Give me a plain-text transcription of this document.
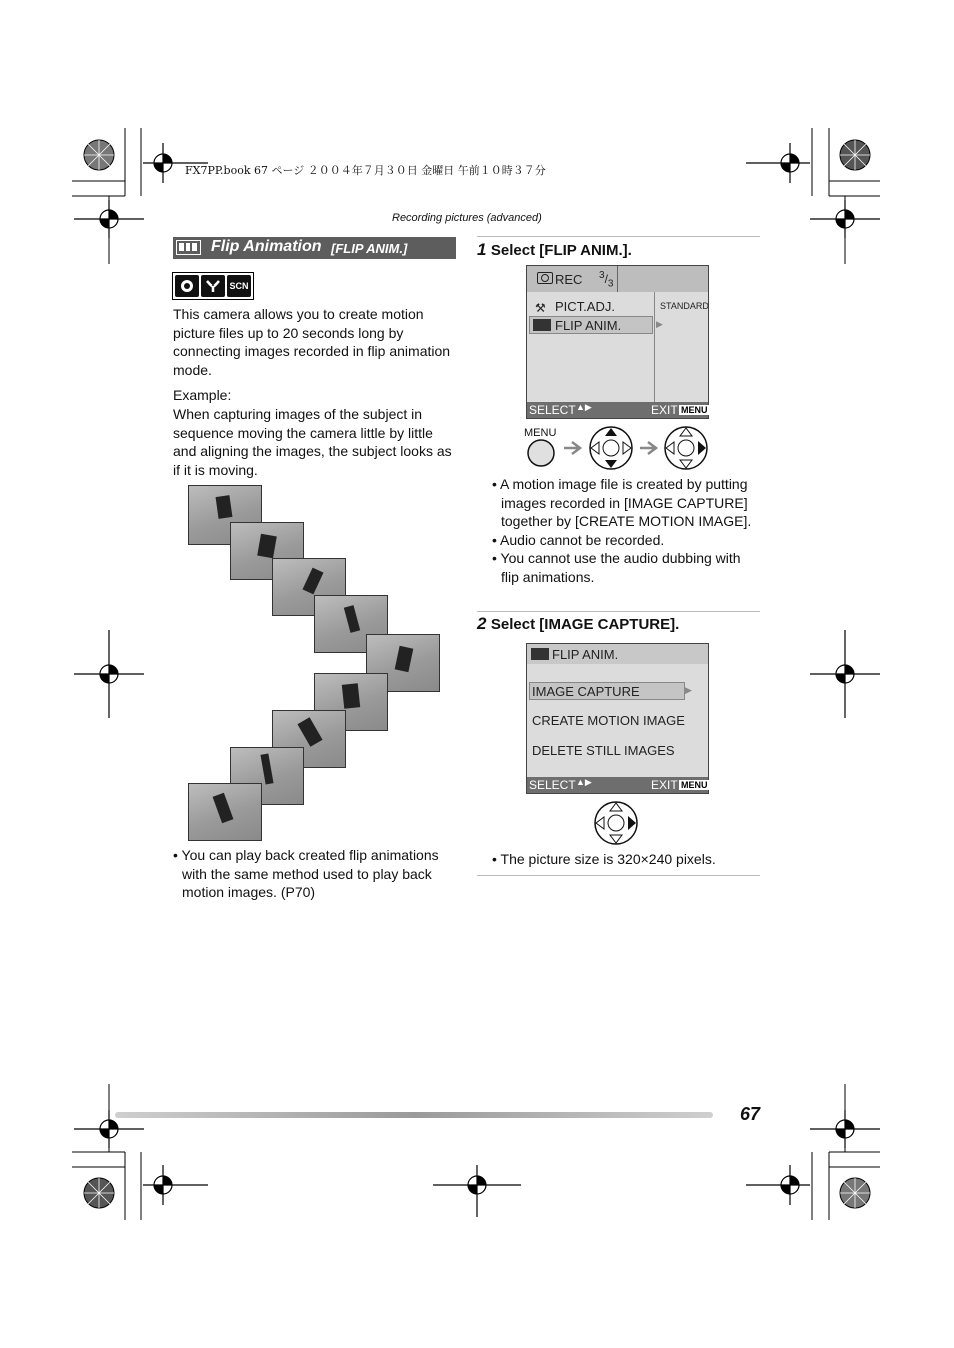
FX7PP.book 67 ページ ２００４年７月３０日 金曜日 午前１０時３７分
Recording pictures (advanced)
Flip Animation [FLIP ANIM.]
SCN
This camera allows you to create motion picture files up to 20 seconds long by connecting images recorded in flip animation mode.
Example:
When capturing images of the subject in sequence moving the camera little by little and aligning the images, the subject looks as if it is moving.
• You can play back created flip animations with the same method used to play back motion images. (P70)
1 Select [FLIP ANIM.].
REC $^3/_3$
⚒ PICT.ADJ.	STANDARD
FLIP ANIM.	▶
SELECT ▲▶	EXIT MENU
MENU
• A motion image file is created by putting images recorded in [IMAGE CAPTURE] together by [CREATE MOTION IMAGE].
• Audio cannot be recorded.
• You cannot use the audio dubbing with flip animations.
2 Select [IMAGE CAPTURE].
FLIP ANIM.
IMAGE CAPTURE	▶
CREATE MOTION IMAGE
DELETE STILL IMAGES
SELECT ▲▶	EXIT MENU
• The picture size is 320×240 pixels.
67
